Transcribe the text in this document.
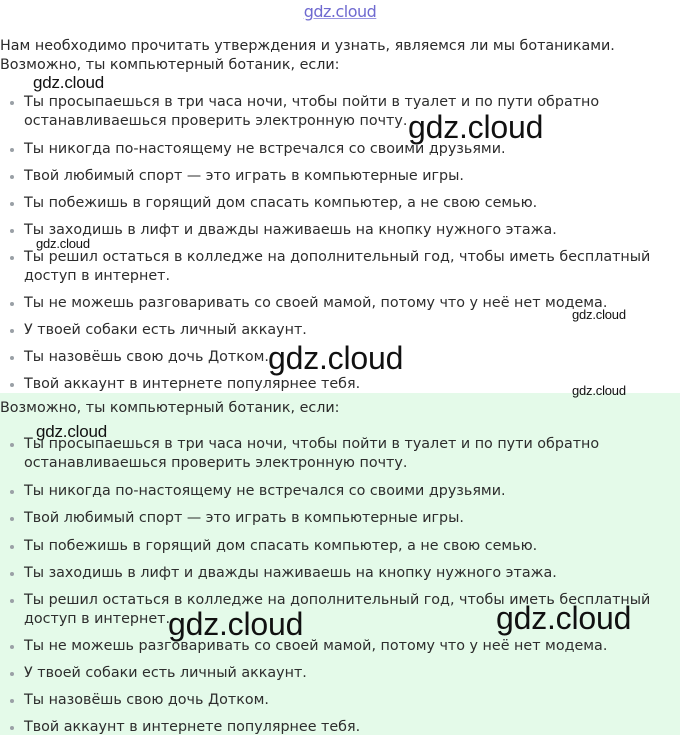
gdz.cloud
Нам необходимо прочитать утверждения и узнать, являемся ли мы ботаниками.
Возможно, ты компьютерный ботаник, если:
Ты просыпаешься в три часа ночи, чтобы пойти в туалет и по пути обратно останавливаешься проверить электронную почту.
Ты никогда по-настоящему не встречался со своими друзьями.
Твой любимый спорт — это играть в компьютерные игры.
Ты побежишь в горящий дом спасать компьютер, а не свою семью.
Ты заходишь в лифт и дважды наживаешь на кнопку нужного этажа.
Ты решил остаться в колледже на дополнительный год, чтобы иметь бесплатный доступ в интернет.
Ты не можешь разговаривать со своей мамой, потому что у неё нет модема.
У твоей собаки есть личный аккаунт.
Ты назовёшь свою дочь Дотком.
Твой аккаунт в интернете популярнее тебя.
Возможно, ты компьютерный ботаник, если:
Ты просыпаешься в три часа ночи, чтобы пойти в туалет и по пути обратно останавливаешься проверить электронную почту.
Ты никогда по-настоящему не встречался со своими друзьями.
Твой любимый спорт — это играть в компьютерные игры.
Ты побежишь в горящий дом спасать компьютер, а не свою семью.
Ты заходишь в лифт и дважды наживаешь на кнопку нужного этажа.
Ты решил остаться в колледже на дополнительный год, чтобы иметь бесплатный доступ в интернет.
Ты не можешь разговаривать со своей мамой, потому что у неё нет модема.
У твоей собаки есть личный аккаунт.
Ты назовёшь свою дочь Дотком.
Твой аккаунт в интернете популярнее тебя.
gdz.cloud
gdz.cloud
gdz.cloud
gdz.cloud
gdz.cloud
gdz.cloud
gdz.cloud
gdz.cloud	gdz.cloud
